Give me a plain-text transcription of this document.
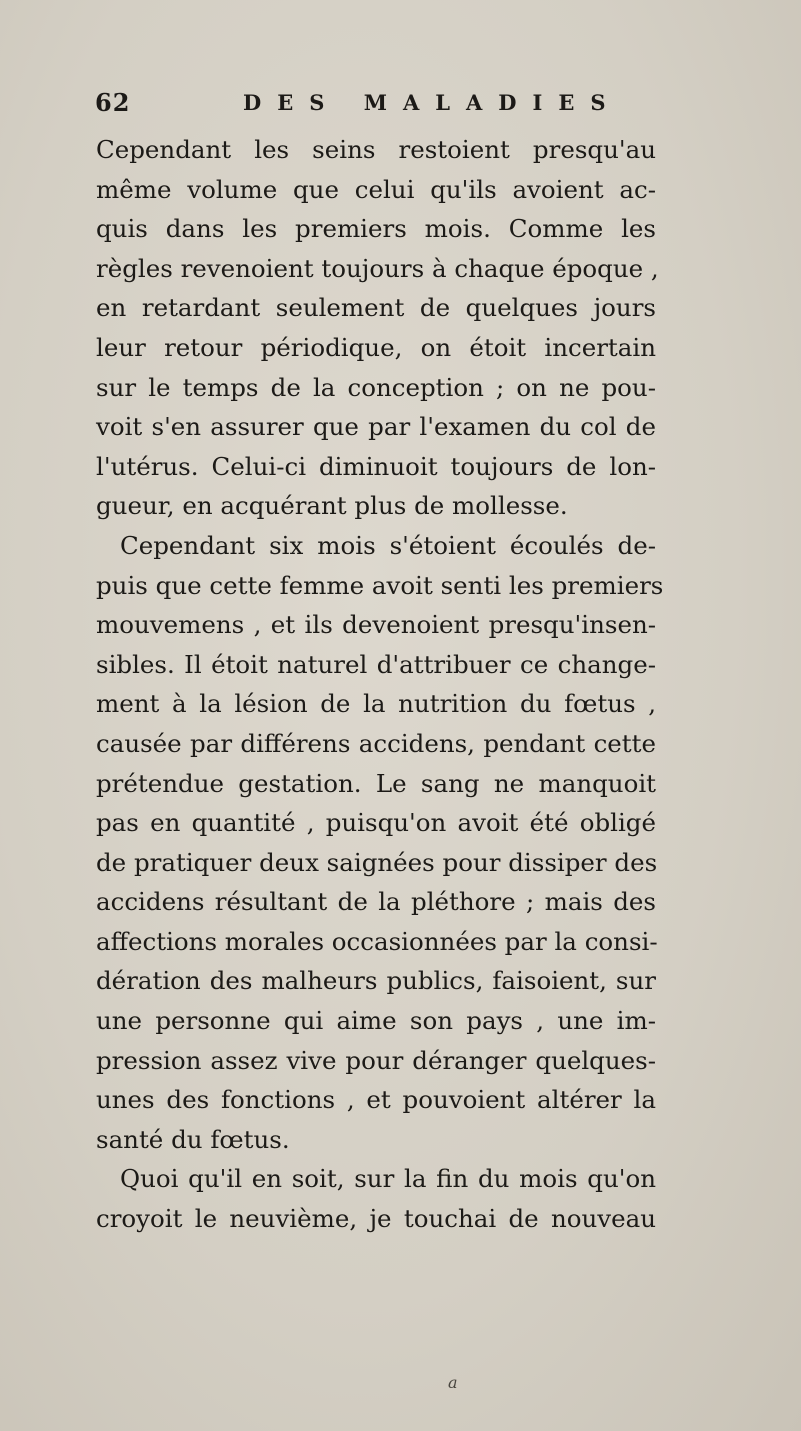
62	DES MALADIES
Cependant les seins restoient presqu'au
même volume que celui qu'ils avoient ac-
quis dans les premiers mois. Comme les
règles revenoient toujours à chaque époque ,
en retardant seulement de quelques jours
leur retour périodique, on étoit incertain
sur le temps de la conception ; on ne pou-
voit s'en assurer que par l'examen du col de
l'utérus. Celui-ci diminuoit toujours de lon-
gueur, en acquérant plus de mollesse.
Cependant six mois s'étoient écoulés de-
puis que cette femme avoit senti les premiers
mouvemens , et ils devenoient presqu'insen-
sibles. Il étoit naturel d'attribuer ce change-
ment à la lésion de la nutrition du fœtus ,
causée par différens accidens, pendant cette
prétendue gestation. Le sang ne manquoit
pas en quantité , puisqu'on avoit été obligé
de pratiquer deux saignées pour dissiper des
accidens résultant de la pléthore ; mais des
affections morales occasionnées par la consi-
dération des malheurs publics, faisoient, sur
une personne qui aime son pays , une im-
pression assez vive pour déranger quelques-
unes des fonctions , et pouvoient altérer la
santé du fœtus.
Quoi qu'il en soit, sur la fin du mois qu'on
croyoit le neuvième, je touchai de nouveau
a
